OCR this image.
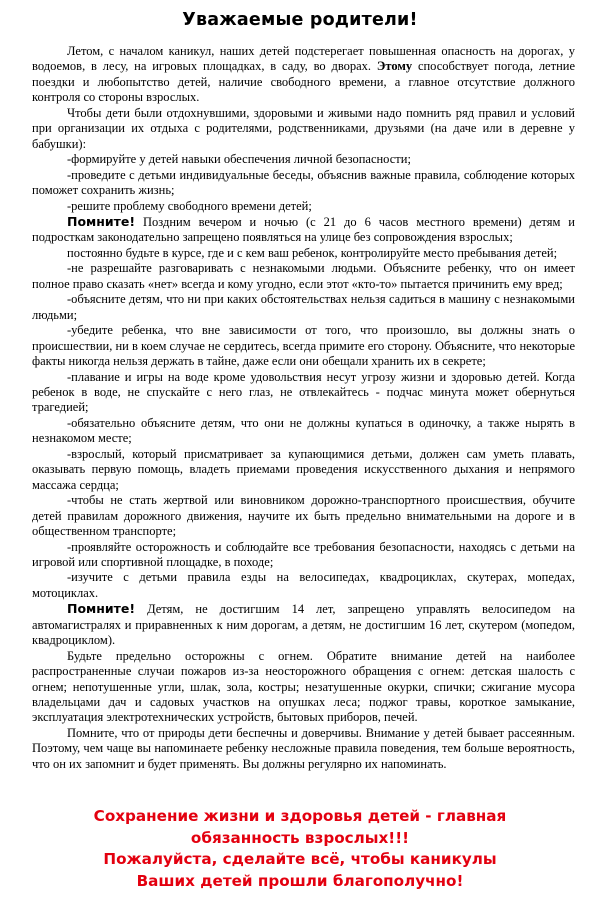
Уважаемые родители!

Летом, с началом каникул, наших детей подстерегает повышенная опасность на дорогах, у водоемов, в лесу, на игровых площадках, в саду, во дворах. Этому способствует погода, летние поездки и любопытство детей, наличие свободного времени, а главное отсутствие должного контроля со стороны взрослых.

Чтобы дети были отдохнувшими, здоровыми и живыми надо помнить ряд правил и условий при организации их отдыха с родителями, родственниками, друзьями (на даче или в деревне у бабушки):

-формируйте у детей навыки обеспечения личной безопасности;

-проведите с детьми индивидуальные беседы, объяснив важные правила, соблюдение которых поможет сохранить жизнь;

-решите проблему свободного времени детей;

Помните! Поздним вечером и ночью (с 21 до 6 часов местного времени) детям и подросткам законодательно запрещено появляться на улице без сопровождения взрослых;

постоянно будьте в курсе, где и с кем ваш ребенок, контролируйте место пребывания детей;

-не разрешайте разговаривать с незнакомыми людьми. Объясните ребенку, что он имеет полное право сказать «нет» всегда и кому угодно, если этот «кто-то» пытается причинить ему вред;

-объясните детям, что ни при каких обстоятельствах нельзя садиться в машину с незнакомыми людьми;

-убедите ребенка, что вне зависимости от того, что произошло, вы должны знать о происшествии, ни в коем случае не сердитесь, всегда примите его сторону. Объясните, что некоторые факты никогда нельзя держать в тайне, даже если они обещали хранить их в секрете;

-плавание и игры на воде кроме удовольствия несут угрозу жизни и здоровью детей. Когда ребенок в воде, не спускайте с него глаз, не отвлекайтесь - подчас минута может обернуться трагедией;

-обязательно объясните детям, что они не должны купаться в одиночку, а также нырять в незнакомом месте;

-взрослый, который присматривает за купающимися детьми, должен сам уметь плавать, оказывать первую помощь, владеть приемами проведения искусственного дыхания и непрямого массажа сердца;

-чтобы не стать жертвой или виновником дорожно-транспортного происшествия, обучите детей правилам дорожного движения, научите их быть предельно внимательными на дороге и в общественном транспорте;

-проявляйте осторожность и соблюдайте все требования безопасности, находясь с детьми на игровой или спортивной площадке, в походе;

-изучите с детьми правила езды на велосипедах, квадроциклах, скутерах, мопедах, мотоциклах.

Помните! Детям, не достигшим 14 лет, запрещено управлять велосипедом на автомагистралях и приравненных к ним дорогам, а детям, не достигшим 16 лет, скутером (мопедом, квадроциклом).

Будьте предельно осторожны с огнем. Обратите внимание детей на наиболее распространенные случаи пожаров из-за неосторожного обращения с огнем: детская шалость с огнем; непотушенные угли, шлак, зола, костры; незатушенные окурки, спички; сжигание мусора владельцами дач и садовых участков на опушках леса; поджог травы, короткое замыкание, эксплуатация электротехнических устройств, бытовых приборов, печей.

Помните, что от природы дети беспечны и доверчивы. Внимание у детей бывает рассеянным. Поэтому, чем чаще вы напоминаете ребенку несложные правила поведения, тем больше вероятность, что он их запомнит и будет применять. Вы должны регулярно их напоминать.

Сохранение жизни и здоровья детей - главная
обязанность взрослых!!!
Пожалуйста, сделайте всё, чтобы каникулы
Ваших детей прошли благополучно!
